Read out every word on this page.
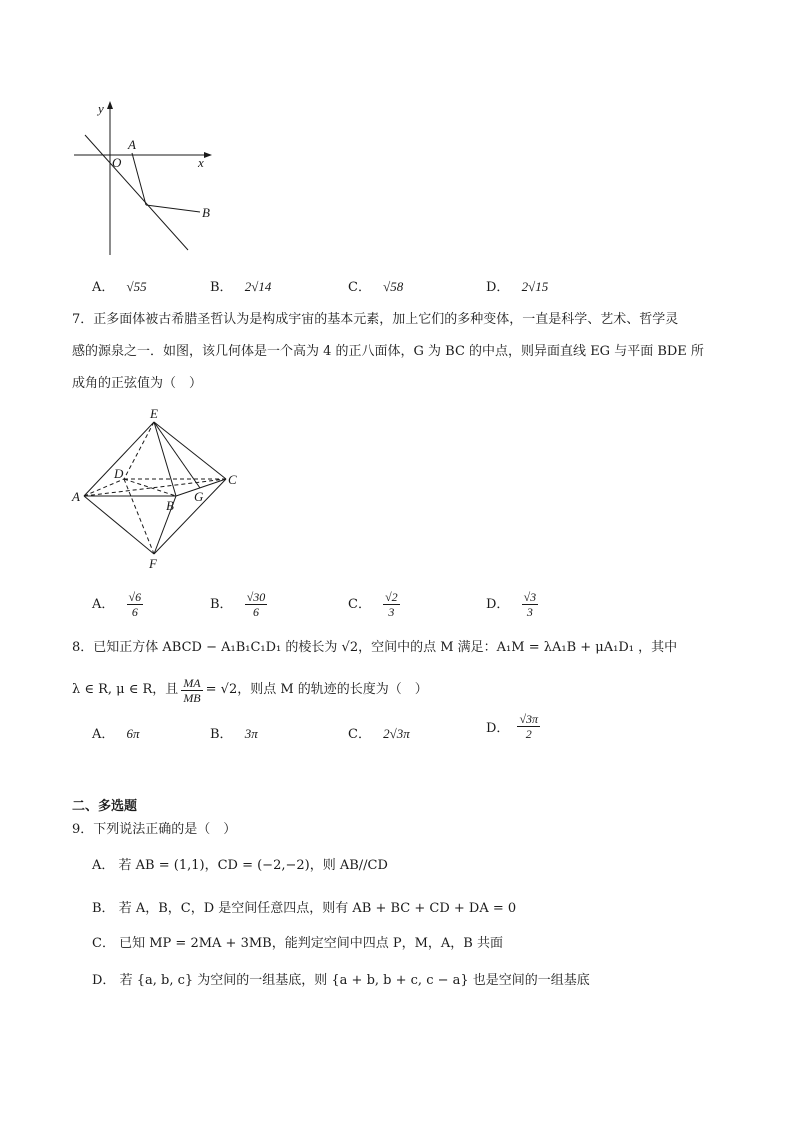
y
x
O
A
B
A． √55	B． 2√14	C． √58	D． 2√15
7．正多面体被古希腊圣哲认为是构成宇宙的基本元素，加上它们的多种变体，一直是科学、艺术、哲学灵
感的源泉之一．如图，该几何体是一个高为 4 的正八面体，G 为 BC 的中点，则异面直线 EG 与平面 BDE 所
成角的正弦值为（　）
E
D	C
A
B
G
F
A． $\frac{√6}{6}$	B． $\frac{√30}{6}$	C． $\frac{√2}{3}$	D． $\frac{√3}{3}$
8．已知正方体 ABCD − A₁B₁C₁D₁ 的棱长为 √2，空间中的点 M 满足：A₁M = λA₁B + μA₁D₁ ，其中
λ ∈ R, μ ∈ R，且 $\frac{MA}{MB} = √2$，则点 M 的轨迹的长度为（　）
A． 6π	B． 3π	C． 2√3π	D． $\frac{√3\pi}{2}$
二、多选题
9．下列说法正确的是（　）
A． 若 AB = (1,1)，CD = (−2,−2)，则 AB//CD
B． 若 A，B，C，D 是空间任意四点，则有 AB + BC + CD + DA = 0
C． 已知 MP = 2MA + 3MB，能判定空间中四点 P，M，A，B 共面
D． 若 {a, b, c} 为空间的一组基底，则 {a + b, b + c, c − a} 也是空间的一组基底
